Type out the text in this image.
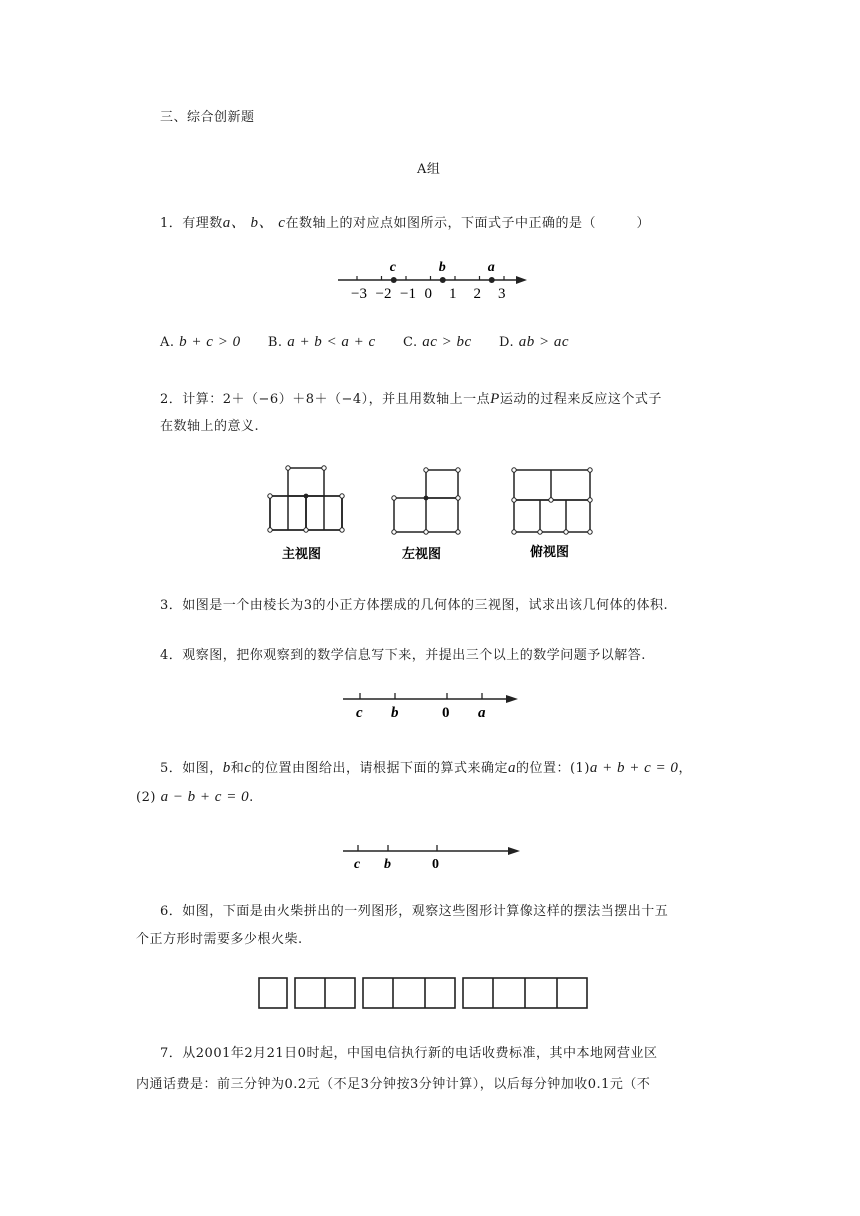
三、综合创新题
A组
1．有理数a、 b、 c在数轴上的对应点如图所示，下面式子中正确的是（　　　）
−3 −2 −1 0 1 2 3
c	b	a
A. b + c > 0 B. a + b < a + c C. ac > bc D. ab > ac
2．计算：2＋（−6）＋8＋（−4），并且用数轴上一点P运动的过程来反应这个式子
在数轴上的意义.
主视图	左视图	俯视图
3．如图是一个由棱长为3的小正方体摆成的几何体的三视图，试求出该几何体的体积.
4．观察图，把你观察到的数学信息写下来，并提出三个以上的数学问题予以解答.
c b	0 a
5．如图，b和c的位置由图给出，请根据下面的算式来确定a的位置：(1)a + b + c = 0，
(2) a − b + c = 0.
c b	0
6．如图，下面是由火柴拼出的一列图形，观察这些图形计算像这样的摆法当摆出十五
个正方形时需要多少根火柴.
7．从2001年2月21日0时起，中国电信执行新的电话收费标准，其中本地网营业区
内通话费是：前三分钟为0.2元（不足3分钟按3分钟计算），以后每分钟加收0.1元（不
